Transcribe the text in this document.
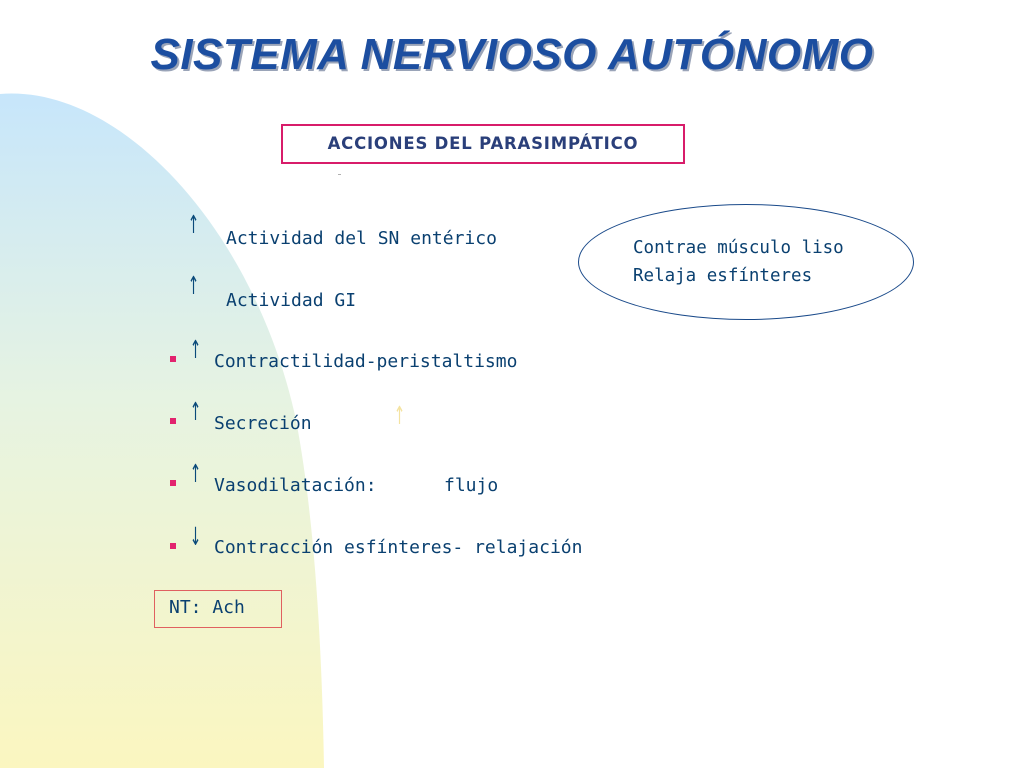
SISTEMA NERVIOSO AUTÓNOMO
ACCIONES DEL PARASIMPÁTICO
↑ Actividad del SN entérico
↑
Actividad GI
↑ Contractilidad-peristaltismo
↑ Secreción	↑
↑ Vasodilatación:	flujo
↓ Contracción esfínteres- relajación
Contrae músculo liso
Relaja esfínteres
NT: Ach
